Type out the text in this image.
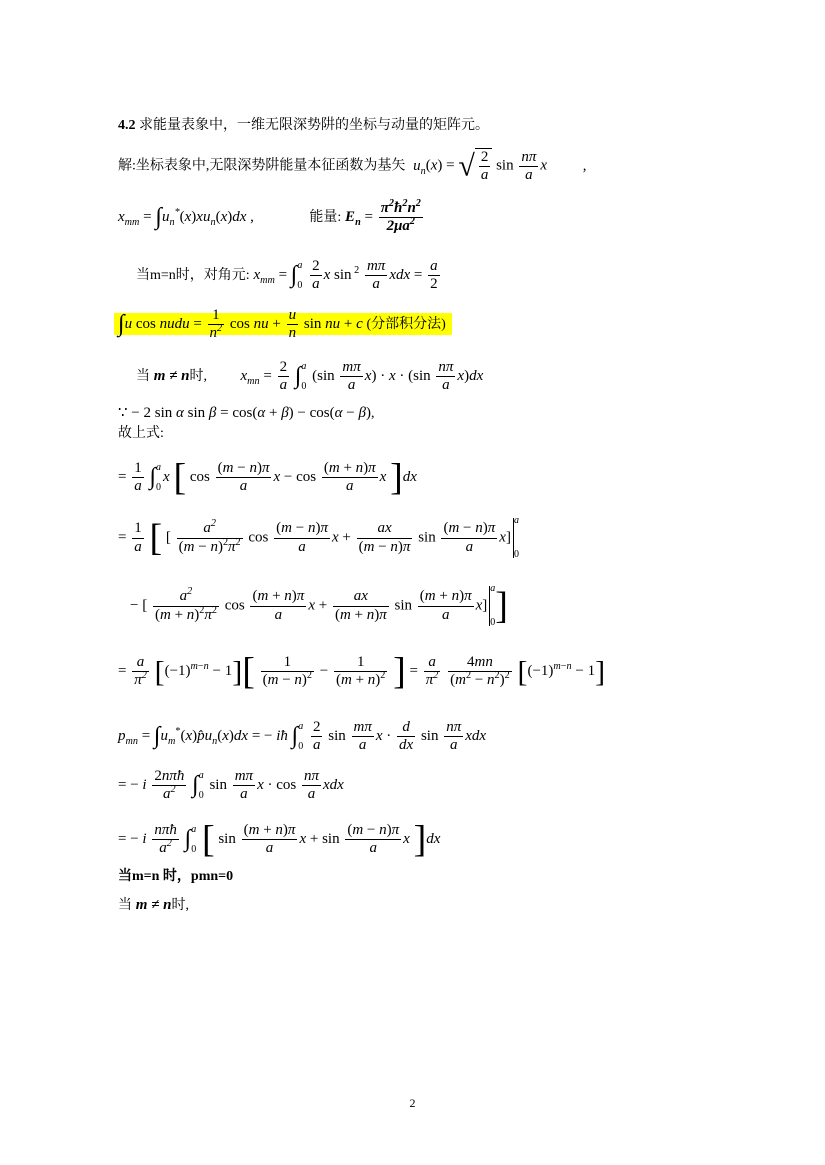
4.2 求能量表象中，一维无限深势阱的坐标与动量的矩阵元。
解:坐标表象中,无限深势阱能量本征函数为基矢 $u_n(x)$ = √ $\frac{2}{a}$ $\sin \frac{n\pi}{a}$ x ,
$x_{mm} = \int u_n^*(x)xu_n(x)dx$ ,	能量: $E_n = \frac{\pi^2ħ^2n^2}{2\mu a^2}$
当m=n时，对角元: $x_{mm}$ = ∫ a
0
$\frac{2}{a}$ x $\sin ^2 \frac{m\pi}{a}$ xdx = $\frac{a}{2}$
∫u cos nudu = $\frac{1}{n^2}$ cos nu + $\frac{u}{n}$ sin nu + c (分部积分法)
当 m ≠ n时, $x_{mn} = \frac{2}{a}$ ∫ a
0
$(\sin \frac{m\pi}{a} x) \cdot x \cdot (\sin \frac{n\pi}{a} x)dx$
∵ − 2 sin α sin β = cos(α + β) − cos(α − β),
故上式:
= $\frac{1}{a}$ ∫ a
0
x [ $\cos \frac{(m - n)\pi}{a}$ $x - \cos \frac{(m + n)\pi}{a}$ x ]dx
= $\frac{1}{a}$ [ [ $\frac{a^2}{(m - n)^2\pi^2}$ $\cos \frac{(m - n)\pi}{a}$ $x + \frac{ax}{(m - n)\pi}$ $\sin \frac{(m - n)\pi}{a} x$]
a
0
− [ $\frac{a^2}{(m + n)^2\pi^2}$ $\cos \frac{(m + n)\pi}{a}$ $x + \frac{ax}{(m + n)\pi}$ $\sin \frac{(m + n)\pi}{a} x$]
a
0 ]
= $\frac{a}{\pi^2} [(-1)^{m-n} - 1][ \frac{1}{(m - n)^2} - \frac{1}{(m + n)^2}$ ] = $\frac{a}{\pi^2}$
$\frac{4mn}{(m^2 - n^2)^2} [(-1)^{m-n} - 1]$
$p_{mn}$ = $\int u_m^*(x)p̂u_n(x)dx$ = − iħ ∫ a
0
$\frac{2}{a}$ $\sin \frac{m\pi}{a}$ $x \cdot \frac{d}{dx}$ $\sin \frac{n\pi}{a}$ xdx
= − i
2nπħ
$a^2$ ∫ a
0
$\sin \frac{m\pi}{a}$ $x \cdot \cos \frac{n\pi}{a}$ xdx
= − i
nπħ
$a^2$ ∫ a
0 [ $\sin \frac{(m + n)\pi}{a}$ $x + \sin \frac{(m - n)\pi}{a}$ x ]dx
当m=n 时，pmn=0
当 m ≠ n时,
2
